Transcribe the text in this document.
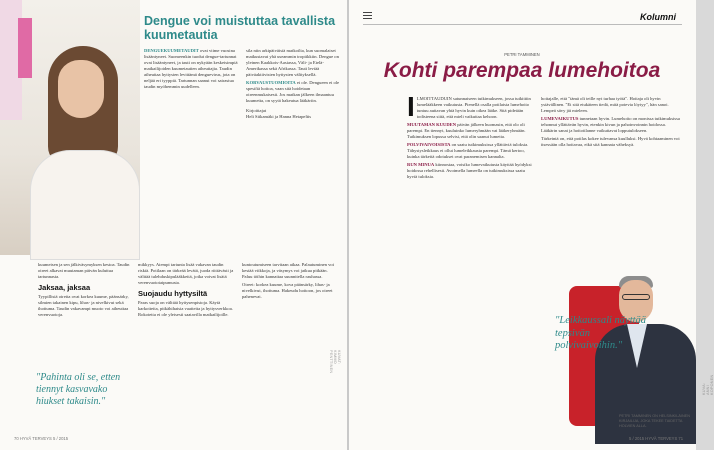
Dengue voi muistuttaa tavallista kuumetautia
DENGUEKUUMETAUDIT ovat viime vuosina lisääntyneet. Suomeenkin tuodut dengue-tartunnat ovat lisääntyneet, ja tauti on nykyään keskeisimpiä matkailijoiden kuumetautien aiheuttajia. Taudin aiheuttaa hyttysten levittämä denguevirus, jota on neljää eri tyyppiä. Tartunnan saanut voi sairastua taudin myöhemmin uudelleen.
sila niin arkipäiväisiä matkoilta, kun suomalaiset matkustavat yhä useammin tropiikkiin. Dengue on yleinen Kaakkois-Aasiassa, Väli- ja Etelä-Amerikassa sekä Afrikassa. Tauti leviää päiväaktiivisten hyttysten välityksellä.
KORVAUSTUOMIOITA ei ole. Dengueen ei ole spesifiä hoitoa, vaan sitä hoidetaan oireenmukaisesti. Jos matkan jälkeen ilmaantuu kuumetta, on syytä hakeutua lääkäriin.
Kirjoittajat
Heli Siikamäki ja Hanna Hetapeltis
kuumeisen ja sen jälkiväsymyksen kestoa. Taudin oireet alkavat muutaman päivän kuluttua tartunnasta.
Jaksaa, jaksaa
Tyypillisiä oireita ovat korkea kuume, päänsärky, silmien takainen kipu, lihas- ja nivelkivut sekä ihottuma. Taudin vakavampi muoto voi aiheuttaa verenvuotoja.
mikkyys. Aiempi tartunta lisää vakavan taudin riskiä. Potilaan on tärkeää levätä, juoda riittävästi ja välttää tulehduskipulääkkeitä, jotka voivat lisätä verenvuototaipumusta.
Suojaudu hyttysiltä
Paras suoja on välttää hyttysenpistoja. Käytä karkotteita, pitkähihaisia vaatteita ja hyttysverkkoa. Rokotetta ei ole yleisesti saatavilla matkailijoille.
kuntoutumiseen tarvitaan aikaa. Palautuminen voi kestää viikkoja, ja väsymys voi jatkua pitkään. Paluu töihin kannattaa suunnitella rauhassa.
Oireet: korkea kuume, kova päänsärky, lihas- ja nivelkivut, ihottuma. Hakeudu hoitoon, jos oireet pahenevat.
"Pahinta oli se, etten tiennyt kasvavako hiukset takaisin."
70 HYVÄ TERVEYS 5 / 2015
KUVAT: KIMMO PENTTINEN
Kolumni
PETRI TAMMINEN
Kohti parempaa lumehoitoa
I LMOITTAUDUIN satunnaiseen tutkimukseen, jossa tutkittiin lumelääkkeen vaikutusta. Pienellä osalla potilaista lumehoito tuntuu auttavan yhtä hyvin kuin oikea lääke. Sitä pidetään todisteena siitä, että mieli vaikuttaa kehoon.
MUUTAMAN KUUDEN päivän jälkeen huomasin, että olo oli parempi. En tiennyt, kuuluinko lumeryhmään vai lääkeryhmään. Tutkimuksen lopussa selvisi, että olin saanut lumetta.
POLVIVAIVOISISTA on saatu tutkimuksissa yllättäviä tuloksia. Tähystysleikkaus ei ollut lumeleikkausta parempi. Tämä kertoo, kuinka tärkeitä odotukset ovat paranemisen kannalta.
RUN MINUA kiinnostaa, voisiko lumevaikutusta käyttää hyödyksi hoidossa rehellisesti. Avoimella lumeella on tutkimuksissa saatu hyviä tuloksia.
hoitajalle, että "tämä oli teille nyt turhaa työtä". Hoitaja oli hyvin ystävällinen. "Ei sitä etukäteen tiedä, mitä potevia löytyy", hän sanoi. Lempeä sävy jäi mieleen.
LUMEVAIKUTUS tunnetaan hyvin. Lumehoito on monissa tutkimuksissa tehonnut yllättävän hyvin, etenkin kivun ja pahoinvoinnin hoidossa. Lääkärin sanat ja hoitotilanne vaikuttavat lopputulokseen.
Tärkeintä on, että potilas kokee tulevansa kuulluksi. Hyvä kohtaaminen voi itsessään olla hoitavaa, eikä sitä kannata väheksyä.
"Leikkaussali näyttää tepsivän polvivaivoihin."
PETRI TAMMINEN ON HELSINKILÄINEN KIRJAILIJA, JOKA TEKEE TAIDETTA HOLVIEN ALLA.
5 / 2015 HYVÄ TERVEYS 71
KUVA: ANNI KOPONEN
